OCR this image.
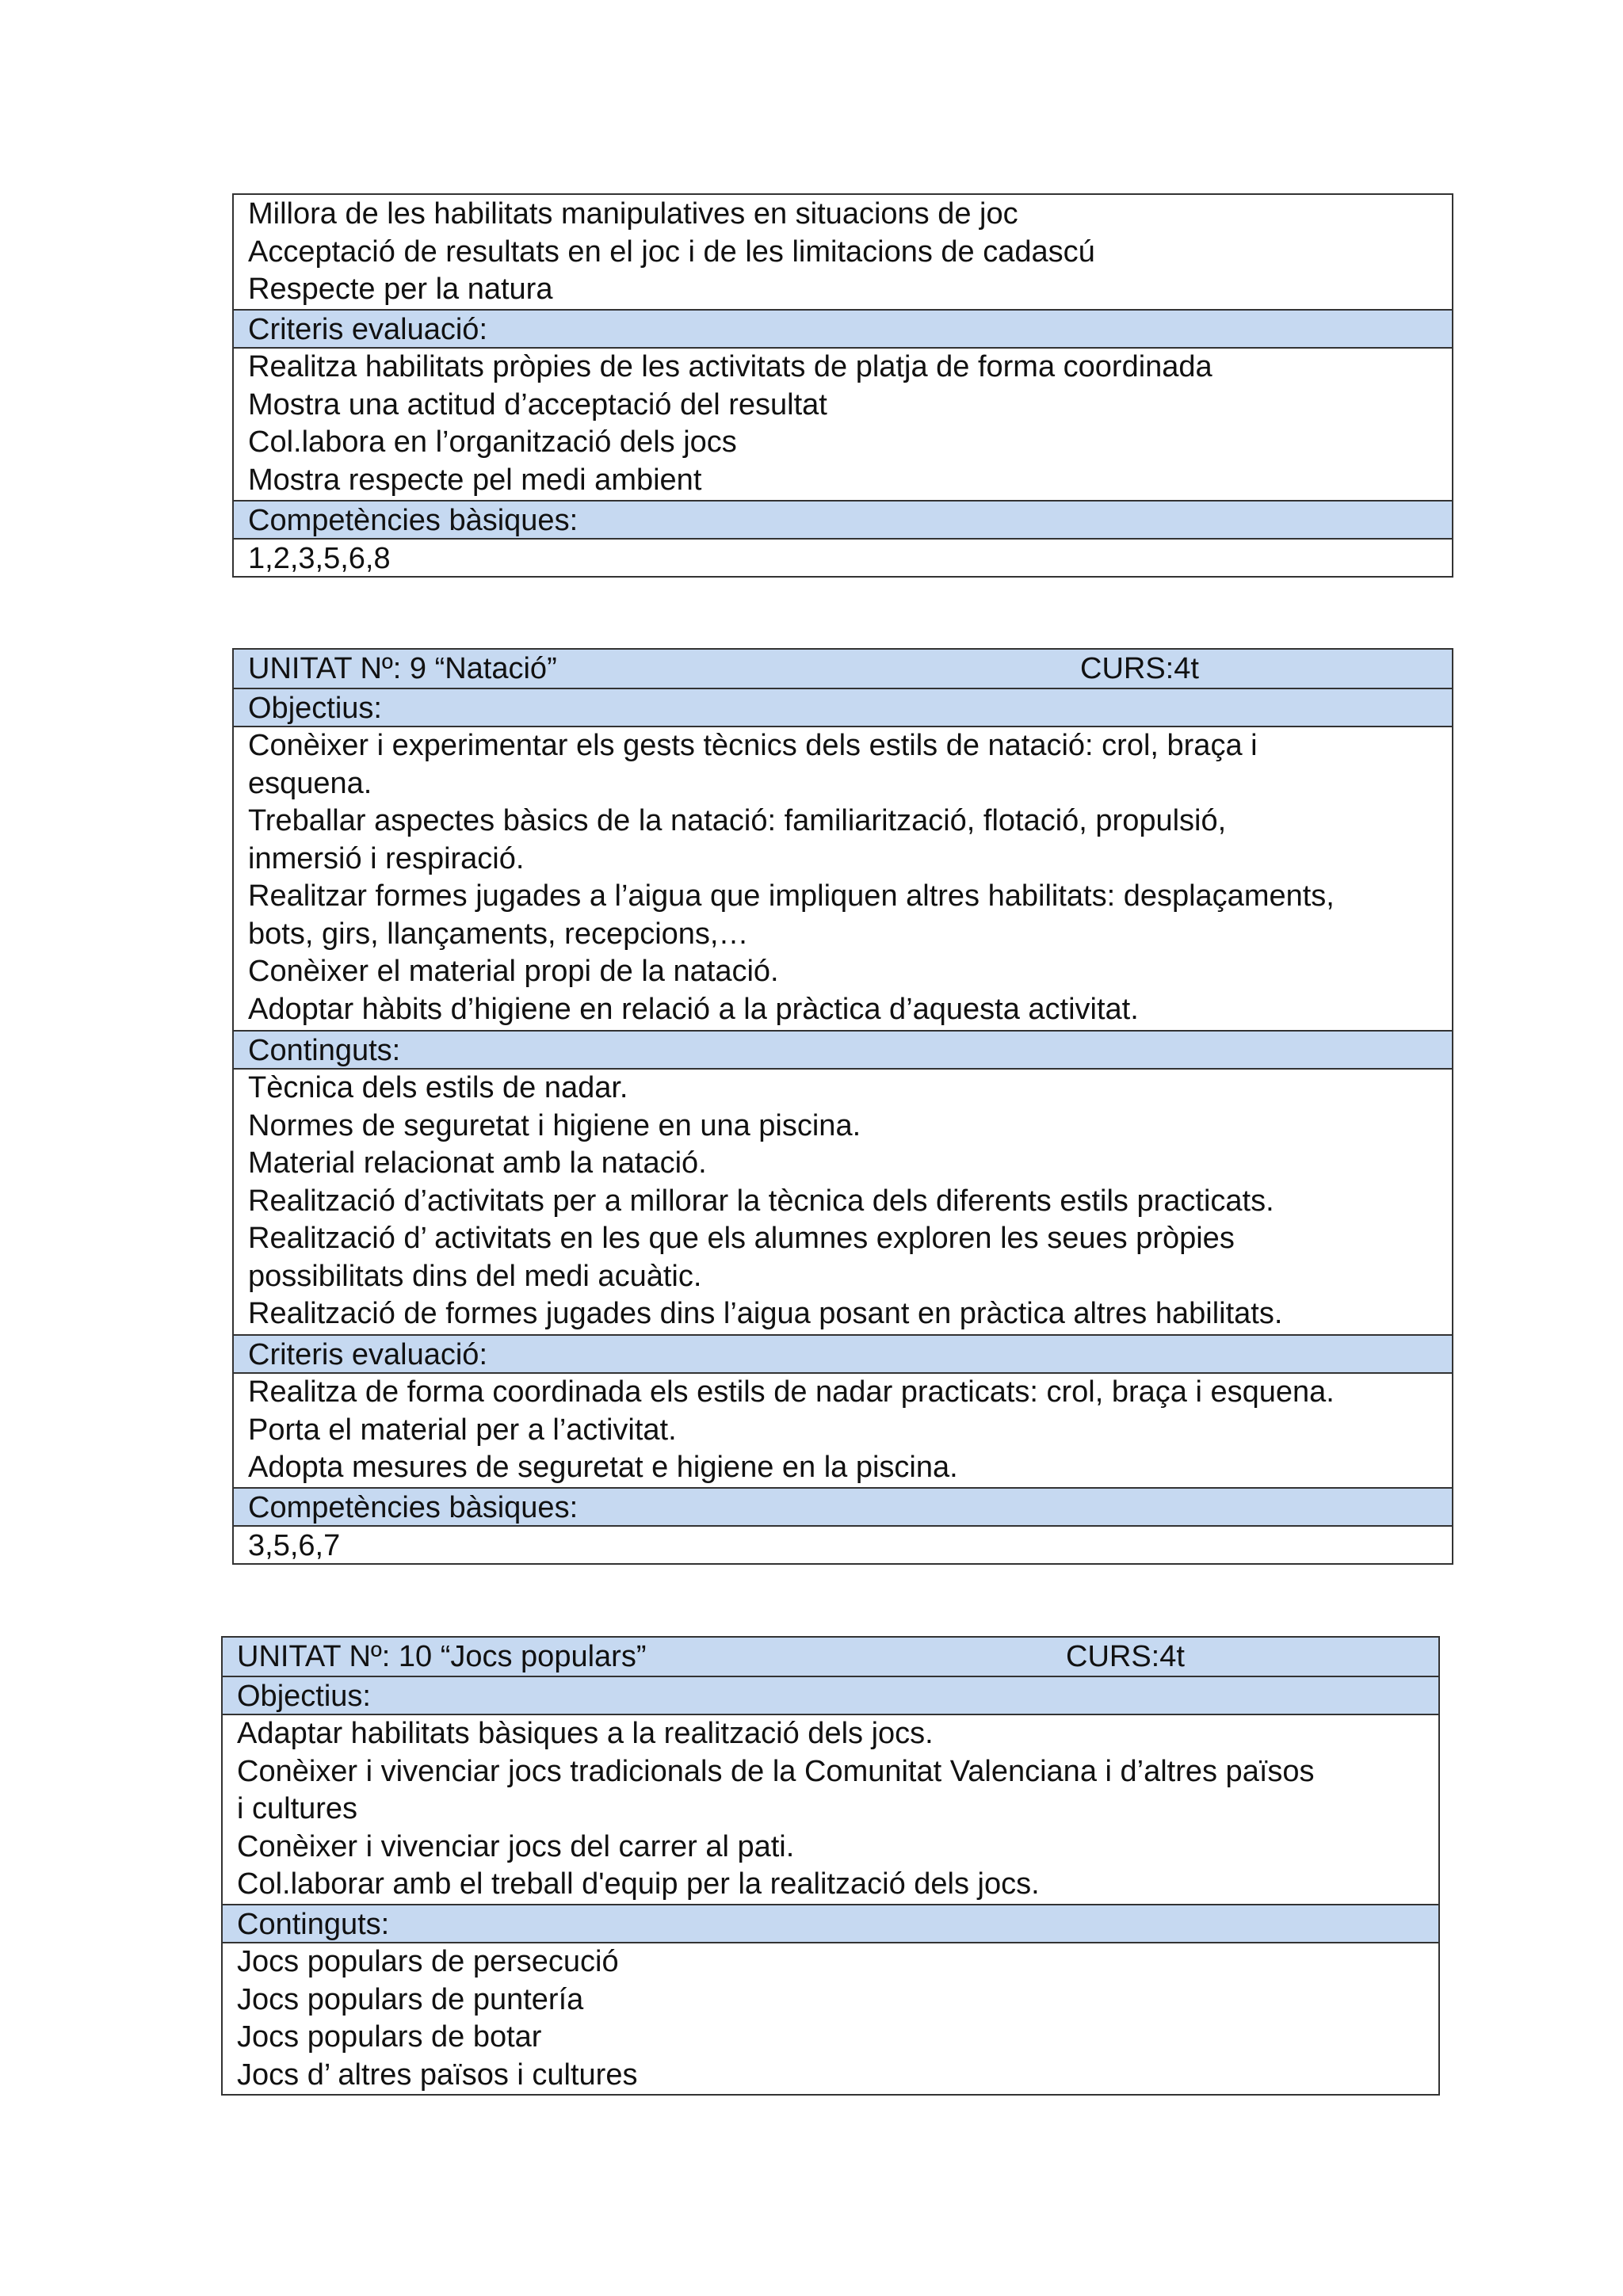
Millora de les habilitats manipulatives en situacions de joc
Acceptació de resultats en el joc i de les limitacions de cadascú
Respecte per la natura
Criteris evaluació:
Realitza habilitats pròpies de les activitats de platja de forma coordinada
Mostra una actitud d’acceptació del resultat
Col.labora en l’organització dels jocs
Mostra respecte pel medi ambient
Competències bàsiques:
1,2,3,5,6,8
UNITAT Nº: 9 “Natació”	CURS:4t
Objectius:
Conèixer i experimentar els gests tècnics dels estils de natació: crol, braça i
esquena.
Treballar aspectes bàsics de la natació: familiarització, flotació, propulsió,
inmersió i respiració.
Realitzar formes jugades a l’aigua que impliquen altres habilitats: desplaçaments,
bots, girs, llançaments, recepcions,…
Conèixer el material propi de la natació.
Adoptar hàbits d’higiene en relació a la pràctica d’aquesta activitat.
Continguts:
Tècnica dels estils de nadar.
Normes de seguretat i higiene en una piscina.
Material relacionat amb la natació.
Realització d’activitats per a millorar la tècnica dels diferents estils practicats.
Realització d’ activitats en les que els alumnes exploren les seues pròpies
possibilitats dins del medi acuàtic.
Realització de formes jugades dins l’aigua posant en pràctica altres habilitats.
Criteris evaluació:
Realitza de forma coordinada els estils de nadar practicats: crol, braça i esquena.
Porta el material per a l’activitat.
Adopta mesures de seguretat e higiene en la piscina.
Competències bàsiques:
3,5,6,7
UNITAT Nº: 10 “Jocs populars”	CURS:4t
Objectius:
Adaptar habilitats bàsiques a la realització dels jocs.
Conèixer i vivenciar jocs tradicionals de la Comunitat Valenciana i d’altres països
i cultures
Conèixer i vivenciar jocs del carrer al pati.
Col.laborar amb el treball d'equip per la realització dels jocs.
Continguts:
Jocs populars de persecució
Jocs populars de puntería
Jocs populars de botar
Jocs d’ altres països i cultures
